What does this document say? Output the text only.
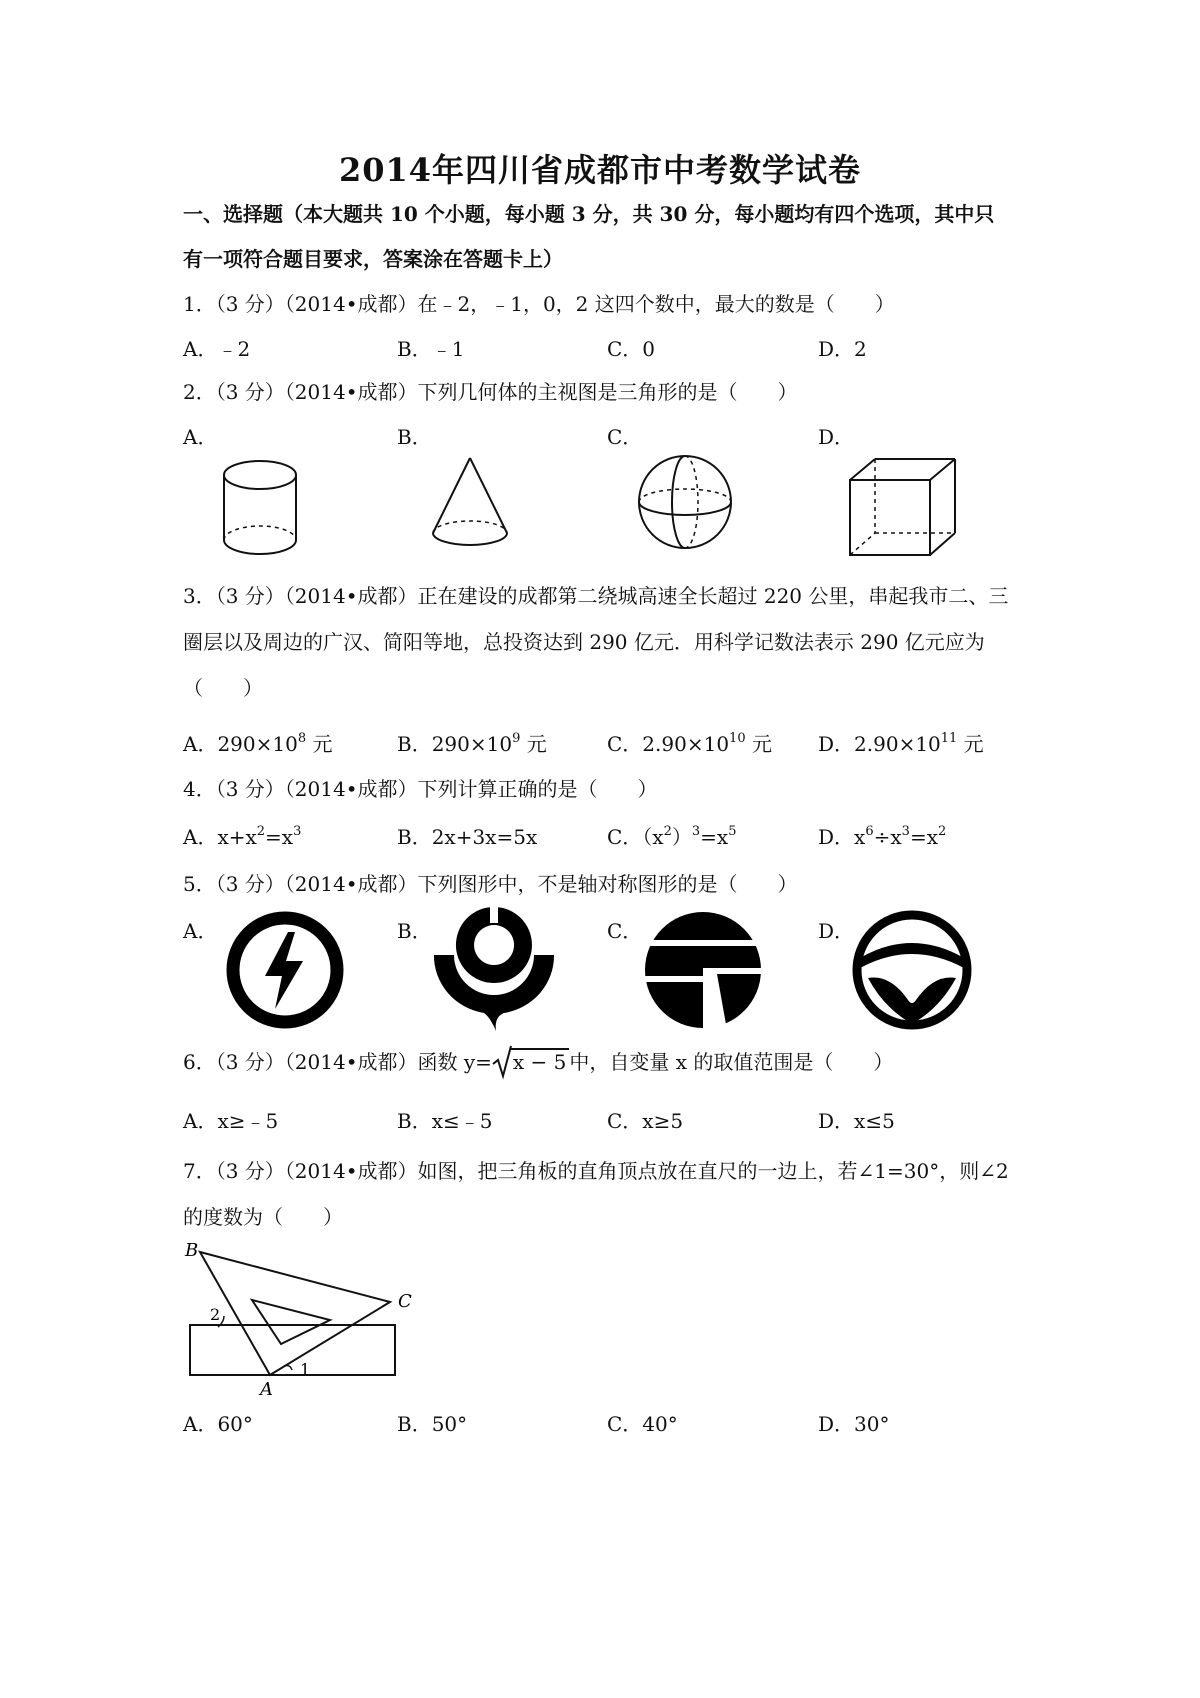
2014年四川省成都市中考数学试卷
一、选择题（本大题共 10 个小题，每小题 3 分，共 30 分，每小题均有四个选项，其中只
有一项符合题目要求，答案涂在答题卡上）
1．（3 分）（2014•成都）在﹣2，﹣1，0，2 这四个数中，最大的数是（　　）
A．﹣2	B．﹣1	C．0	D．2
2．（3 分）（2014•成都）下列几何体的主视图是三角形的是（　　）
A．	B．	C．	D．
3．（3 分）（2014•成都）正在建设的成都第二绕城高速全长超过 220 公里，串起我市二、三
圈层以及周边的广汉、简阳等地，总投资达到 290 亿元．用科学记数法表示 290 亿元应为
（　　）
A．$290\times 10^8$ 元	B．$290\times 10^9$ 元	C．$2.90\times 10^{10}$ 元 D．$2.90\times 10^{11}$ 元
4．（3 分）（2014•成都）下列计算正确的是（　　）
A．$x+x^2=x^3$	B．2x+3x=5x	C．$(x^2)^3=x^5$	D．$x^6\div x^3=x^2$
5．（3 分）（2014•成都）下列图形中，不是轴对称图形的是（　　）
A．	B．	C．	D．
6．（3 分）（2014•成都）函数 y= x − 5 中，自变量 x 的取值范围是（　　）
A．x≥﹣5	B．x≤﹣5	C．x≥5	D．x≤5
7．（3 分）（2014•成都）如图，把三角板的直角顶点放在直尺的一边上，若∠1=30°，则∠2
的度数为（　　）
B
C
A
1
2
A．60°	B．50°	C．40°	D．30°
